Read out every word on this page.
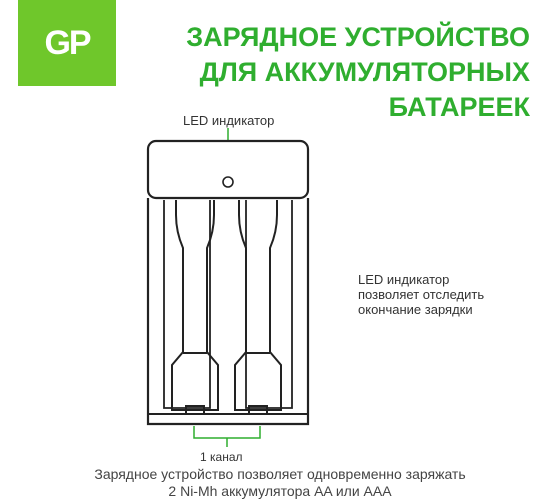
GP	ЗАРЯДНОЕ УСТРОЙСТВО
ДЛЯ АККУМУЛЯТОРНЫХ
БАТАРЕЕК
LED индикатор
LED индикатор
позволяет отследить
окончание зарядки
1 канал
Зарядное устройство позволяет одновременно заряжать
2 Ni-Mh аккумулятора AA или AAA
